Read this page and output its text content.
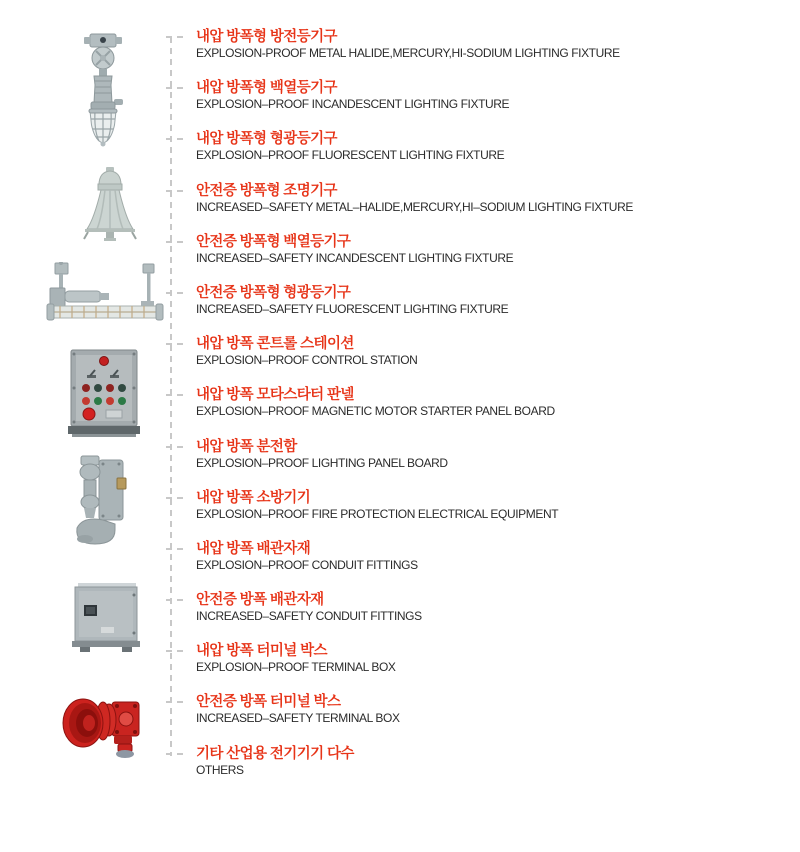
내압 방폭형 방전등기구
EXPLOSION-PROOF METAL HALIDE,MERCURY,HI-SODIUM LIGHTING FIXTURE
내압 방폭형 백열등기구
EXPLOSION–PROOF INCANDESCENT LIGHTING FIXTURE
내압 방폭형 형광등기구
EXPLOSION–PROOF FLUORESCENT LIGHTING FIXTURE
안전증 방폭형 조명기구
INCREASED–SAFETY METAL–HALIDE,MERCURY,HI–SODIUM LIGHTING FIXTURE
안전증 방폭형 백열등기구
INCREASED–SAFETY INCANDESCENT LIGHTING FIXTURE
안전증 방폭형 형광등기구
INCREASED–SAFETY FLUORESCENT LIGHTING FIXTURE
내압 방폭 콘트롤 스테이션
EXPLOSION–PROOF CONTROL STATION
내압 방폭 모타스타터 판넬
EXPLOSION–PROOF MAGNETIC MOTOR STARTER PANEL BOARD
내압 방폭 분전함
EXPLOSION–PROOF LIGHTING PANEL BOARD
내압 방폭 소방기기
EXPLOSION–PROOF FIRE PROTECTION ELECTRICAL EQUIPMENT
내압 방폭 배관자재
EXPLOSION–PROOF CONDUIT FITTINGS
안전증 방폭 배관자재
INCREASED–SAFETY CONDUIT FITTINGS
내압 방폭 터미널 박스
EXPLOSION–PROOF TERMINAL BOX
안전증 방폭 터미널 박스
INCREASED–SAFETY TERMINAL BOX
기타 산업용 전기기기 다수
OTHERS
